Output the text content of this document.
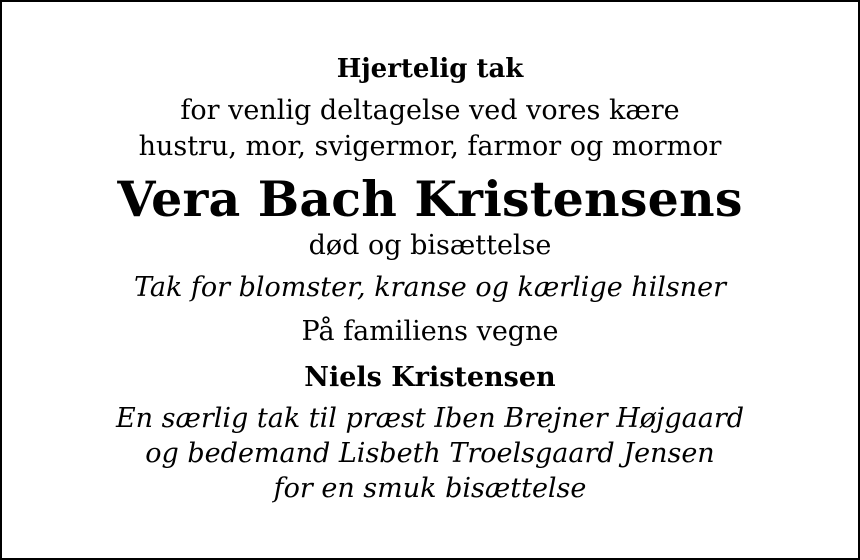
Hjertelig tak
for venlig deltagelse ved vores kære
hustru, mor, svigermor, farmor og mormor
Vera Bach Kristensens
død og bisættelse
Tak for blomster, kranse og kærlige hilsner
På familiens vegne
Niels Kristensen
En særlig tak til præst Iben Brejner Højgaard
og bedemand Lisbeth Troelsgaard Jensen
for en smuk bisættelse
